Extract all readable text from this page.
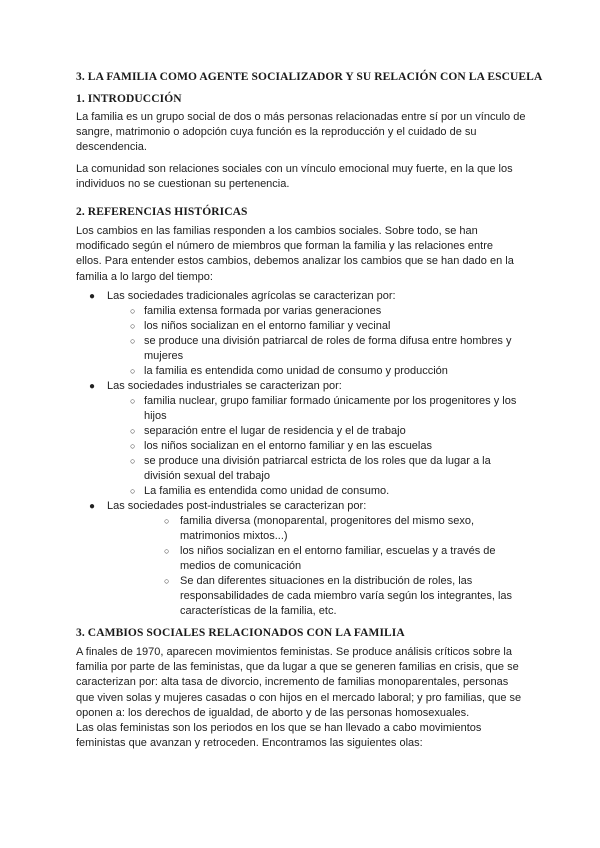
3. LA FAMILIA COMO AGENTE SOCIALIZADOR Y SU RELACIÓN CON LA ESCUELA
1. INTRODUCCIÓN
La familia es un grupo social de dos o más personas relacionadas entre sí por un vínculo de
sangre, matrimonio o adopción cuya función es la reproducción y el cuidado de su
descendencia.
La comunidad son relaciones sociales con un vínculo emocional muy fuerte, en la que los
individuos no se cuestionan su pertenencia.
2. REFERENCIAS HISTÓRICAS
Los cambios en las familias responden a los cambios sociales. Sobre todo, se han
modificado según el número de miembros que forman la familia y las relaciones entre
ellos. Para entender estos cambios, debemos analizar los cambios que se han dado en la
familia a lo largo del tiempo:
● Las sociedades tradicionales agrícolas se caracterizan por:
○ familia extensa formada por varias generaciones
○ los niños socializan en el entorno familiar y vecinal
○ se produce una división patriarcal de roles de forma difusa entre hombres y
mujeres
○ la familia es entendida como unidad de consumo y producción
● Las sociedades industriales se caracterizan por:
○ familia nuclear, grupo familiar formado únicamente por los progenitores y los
hijos
○ separación entre el lugar de residencia y el de trabajo
○ los niños socializan en el entorno familiar y en las escuelas
○ se produce una división patriarcal estricta de los roles que da lugar a la
división sexual del trabajo
○ La familia es entendida como unidad de consumo.
● Las sociedades post-industriales se caracterizan por:
○ familia diversa (monoparental, progenitores del mismo sexo,
matrimonios mixtos...)
○ los niños socializan en el entorno familiar, escuelas y a través de
medios de comunicación
○ Se dan diferentes situaciones en la distribución de roles, las
responsabilidades de cada miembro varía según los integrantes, las
características de la familia, etc.
3. CAMBIOS SOCIALES RELACIONADOS CON LA FAMILIA
A finales de 1970, aparecen movimientos feministas. Se produce análisis críticos sobre la
familia por parte de las feministas, que da lugar a que se generen familias en crisis, que se
caracterizan por: alta tasa de divorcio, incremento de familias monoparentales, personas
que viven solas y mujeres casadas o con hijos en el mercado laboral; y pro familias, que se
oponen a: los derechos de igualdad, de aborto y de las personas homosexuales.
Las olas feministas son los periodos en los que se han llevado a cabo movimientos
feministas que avanzan y retroceden. Encontramos las siguientes olas:
